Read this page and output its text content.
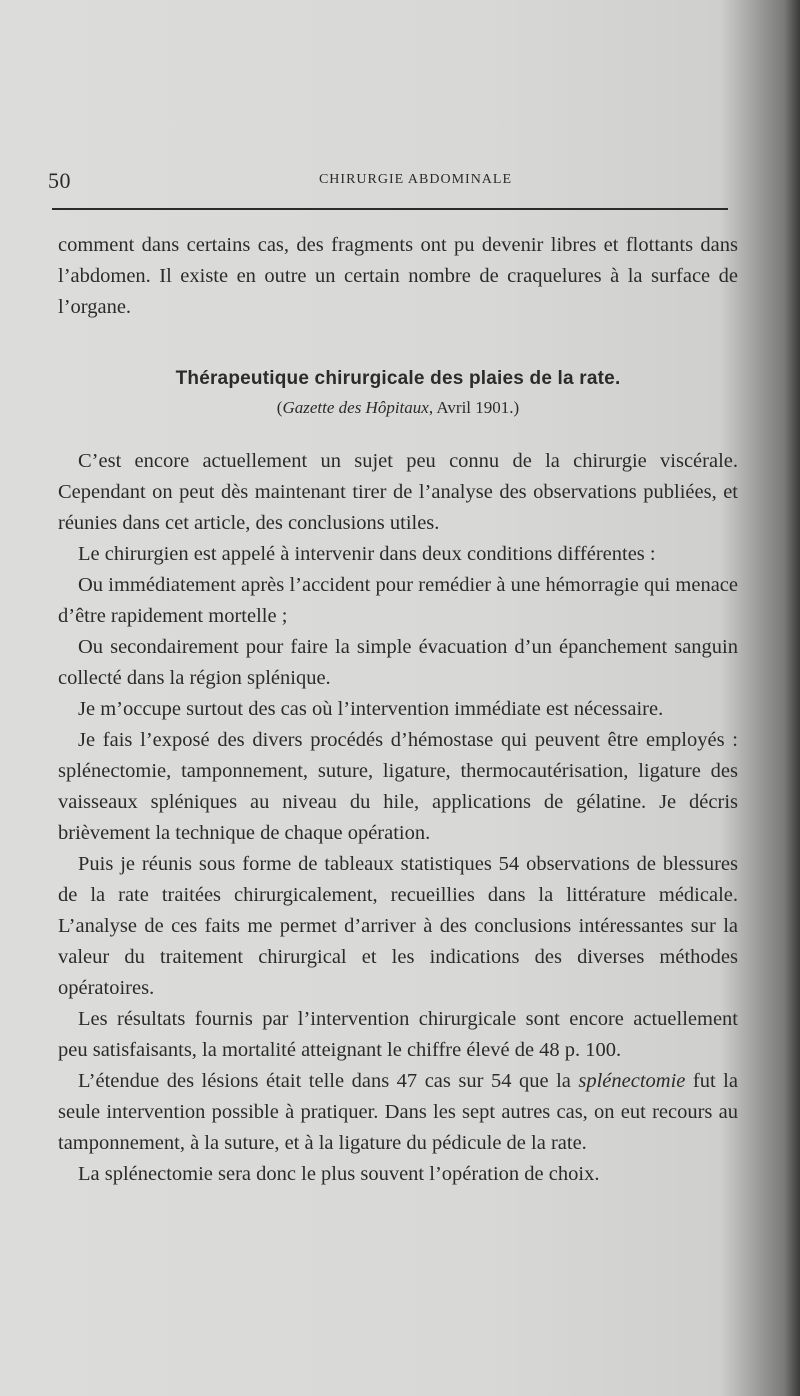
50	CHIRURGIE ABDOMINALE

comment dans certains cas, des fragments ont pu devenir libres et flottants dans l’abdomen. Il existe en outre un certain nombre de craquelures à la surface de l’organe.

Thérapeutique chirurgicale des plaies de la rate.
(Gazette des Hôpitaux, Avril 1901.)

C’est encore actuellement un sujet peu connu de la chirurgie viscérale. Cependant on peut dès maintenant tirer de l’analyse des observations publiées, et réunies dans cet article, des conclusions utiles.

Le chirurgien est appelé à intervenir dans deux conditions différentes :

Ou immédiatement après l’accident pour remédier à une hémorragie qui menace d’être rapidement mortelle ;

Ou secondairement pour faire la simple évacuation d’un épanchement sanguin collecté dans la région splénique.

Je m’occupe surtout des cas où l’intervention immédiate est nécessaire.

Je fais l’exposé des divers procédés d’hémostase qui peuvent être employés : splénectomie, tamponnement, suture, ligature, thermocautérisation, ligature des vaisseaux spléniques au niveau du hile, applications de gélatine. Je décris brièvement la technique de chaque opération.

Puis je réunis sous forme de tableaux statistiques 54 observations de blessures de la rate traitées chirurgicalement, recueillies dans la littérature médicale. L’analyse de ces faits me permet d’arriver à des conclusions intéressantes sur la valeur du traitement chirurgical et les indications des diverses méthodes opératoires.

Les résultats fournis par l’intervention chirurgicale sont encore actuellement peu satisfaisants, la mortalité atteignant le chiffre élevé de 48 p. 100.

L’étendue des lésions était telle dans 47 cas sur 54 que la splénectomie fut la seule intervention possible à pratiquer. Dans les sept autres cas, on eut recours au tamponnement, à la suture, et à la ligature du pédicule de la rate.

La splénectomie sera donc le plus souvent l’opération de choix.
